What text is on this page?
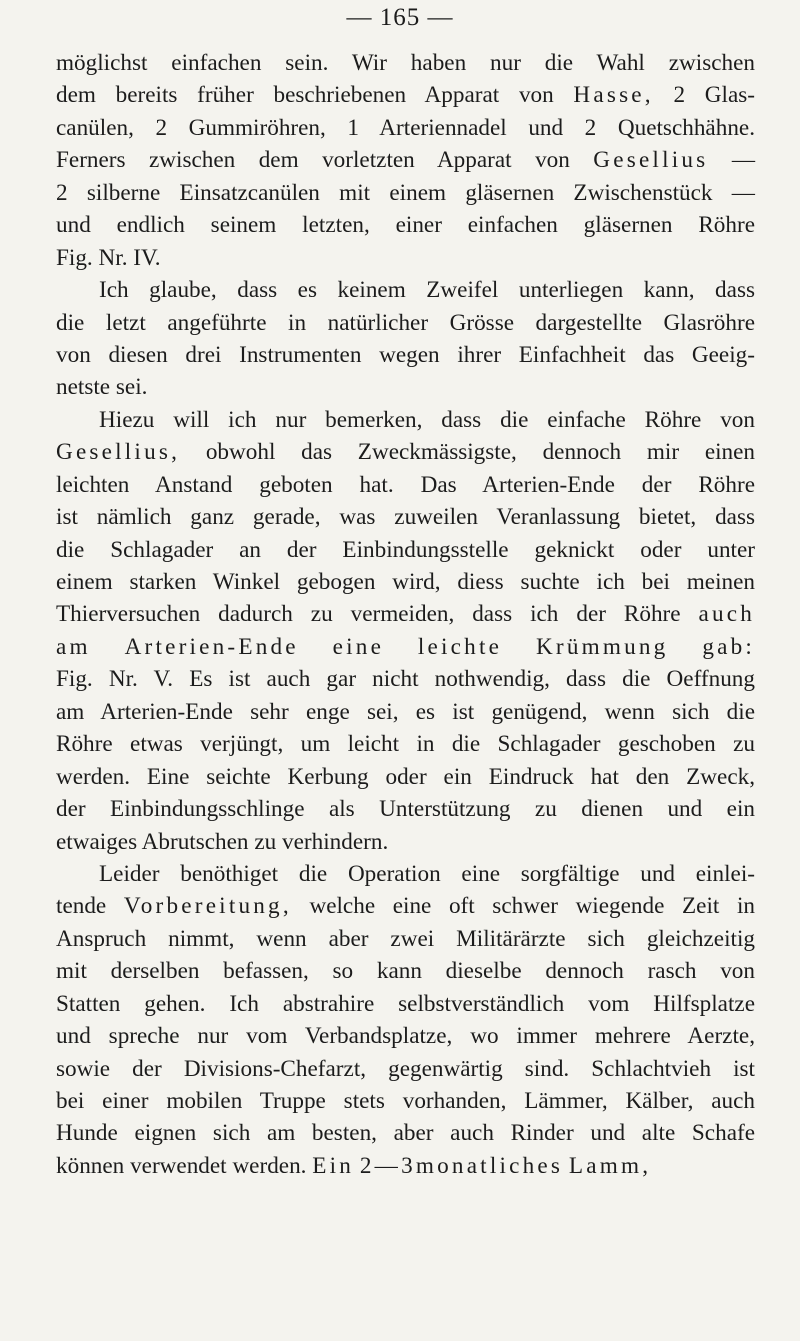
— 165 —
möglichst einfachen sein. Wir haben nur die Wahl zwischen
dem bereits früher beschriebenen Apparat von Hasse, 2 Glas-
canülen, 2 Gummiröhren, 1 Arteriennadel und 2 Quetschhähne.
Ferners zwischen dem vorletzten Apparat von Gesellius —
2 silberne Einsatzcanülen mit einem gläsernen Zwischenstück —
und endlich seinem letzten, einer einfachen gläsernen Röhre
Fig. Nr. IV.
Ich glaube, dass es keinem Zweifel unterliegen kann, dass
die letzt angeführte in natürlicher Grösse dargestellte Glasröhre
von diesen drei Instrumenten wegen ihrer Einfachheit das Geeig-
netste sei.
Hiezu will ich nur bemerken, dass die einfache Röhre von
Gesellius, obwohl das Zweckmässigste, dennoch mir einen
leichten Anstand geboten hat. Das Arterien-Ende der Röhre
ist nämlich ganz gerade, was zuweilen Veranlassung bietet, dass
die Schlagader an der Einbindungsstelle geknickt oder unter
einem starken Winkel gebogen wird, diess suchte ich bei meinen
Thierversuchen dadurch zu vermeiden, dass ich der Röhre auch
am Arterien-Ende eine leichte Krümmung gab:
Fig. Nr. V. Es ist auch gar nicht nothwendig, dass die Oeffnung
am Arterien-Ende sehr enge sei, es ist genügend, wenn sich die
Röhre etwas verjüngt, um leicht in die Schlagader geschoben zu
werden. Eine seichte Kerbung oder ein Eindruck hat den Zweck,
der Einbindungsschlinge als Unterstützung zu dienen und ein
etwaiges Abrutschen zu verhindern.
Leider benöthiget die Operation eine sorgfältige und einlei-
tende Vorbereitung, welche eine oft schwer wiegende Zeit in
Anspruch nimmt, wenn aber zwei Militärärzte sich gleichzeitig
mit derselben befassen, so kann dieselbe dennoch rasch von
Statten gehen. Ich abstrahire selbstverständlich vom Hilfsplatze
und spreche nur vom Verbandsplatze, wo immer mehrere Aerzte,
sowie der Divisions-Chefarzt, gegenwärtig sind. Schlachtvieh ist
bei einer mobilen Truppe stets vorhanden, Lämmer, Kälber, auch
Hunde eignen sich am besten, aber auch Rinder und alte Schafe
können verwendet werden. Ein 2—3monatliches Lamm,
